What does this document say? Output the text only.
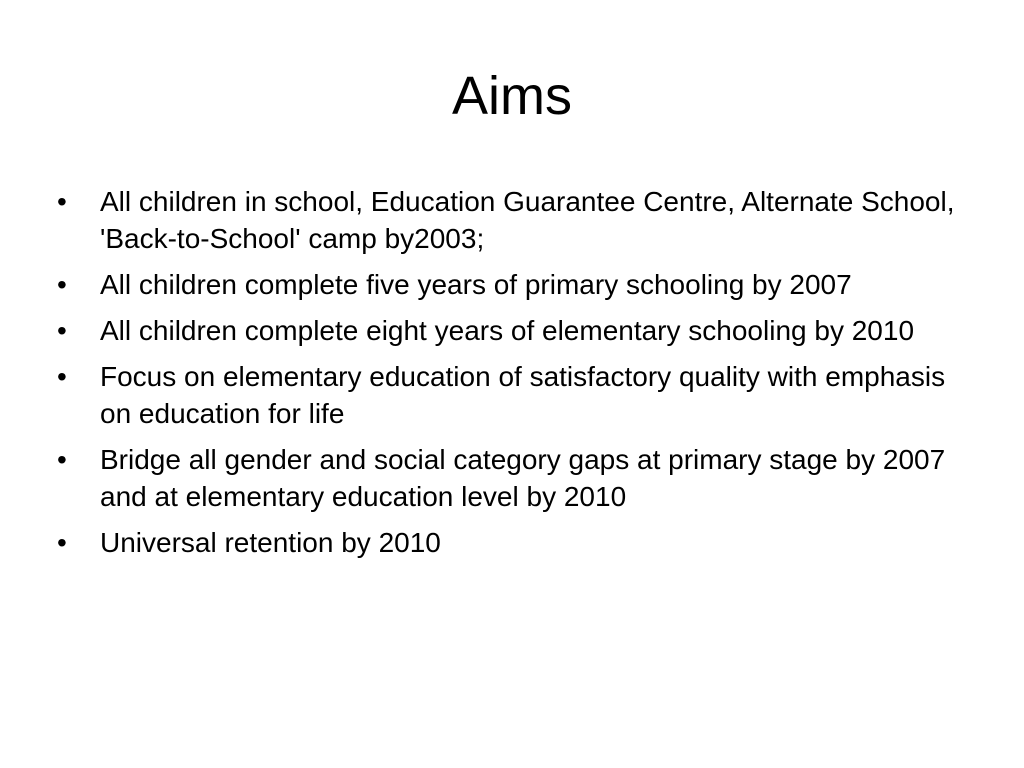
Aims
•	All children in school, Education Guarantee Centre, Alternate School, 'Back-to-School' camp by2003;
•	All children complete five years of primary schooling by 2007
•	All children complete eight years of elementary schooling by 2010
•	Focus on elementary education of satisfactory quality with emphasis on education for life
•	Bridge all gender and social category gaps at primary stage by 2007 and at elementary education level by 2010
•	Universal retention by 2010
